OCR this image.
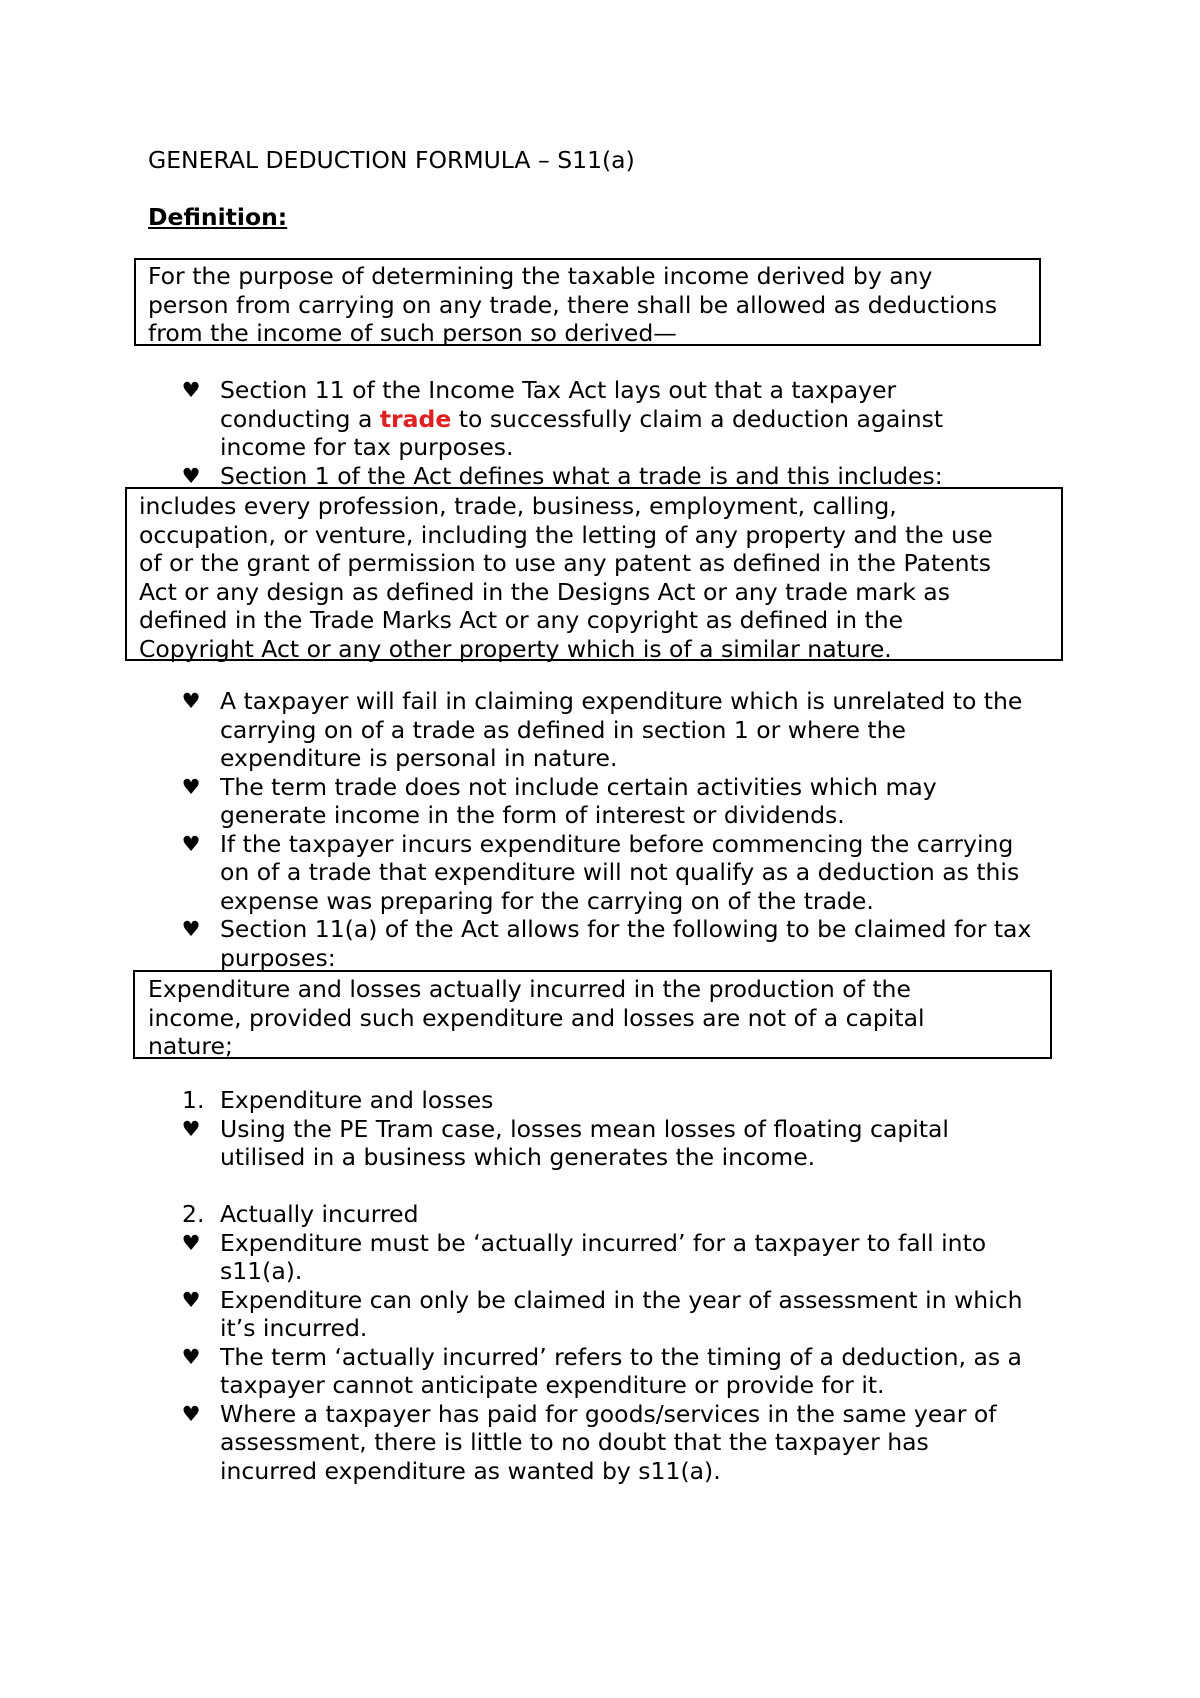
GENERAL DEDUCTION FORMULA – S11(a)
Definition:
For the purpose of determining the taxable income derived by any
person from carrying on any trade, there shall be allowed as deductions
from the income of such person so derived—
♥ Section 11 of the Income Tax Act lays out that a taxpayer
conducting a trade to successfully claim a deduction against
income for tax purposes.
♥ Section 1 of the Act defines what a trade is and this includes:
includes every profession, trade, business, employment, calling,
occupation, or venture, including the letting of any property and the use
of or the grant of permission to use any patent as defined in the Patents
Act or any design as defined in the Designs Act or any trade mark as
defined in the Trade Marks Act or any copyright as defined in the
Copyright Act or any other property which is of a similar nature.
♥ A taxpayer will fail in claiming expenditure which is unrelated to the
carrying on of a trade as defined in section 1 or where the
expenditure is personal in nature.
♥ The term trade does not include certain activities which may
generate income in the form of interest or dividends.
♥ If the taxpayer incurs expenditure before commencing the carrying
on of a trade that expenditure will not qualify as a deduction as this
expense was preparing for the carrying on of the trade.
♥ Section 11(a) of the Act allows for the following to be claimed for tax
purposes:
Expenditure and losses actually incurred in the production of the
income, provided such expenditure and losses are not of a capital
nature;
1. Expenditure and losses
♥ Using the PE Tram case, losses mean losses of floating capital
utilised in a business which generates the income.
2. Actually incurred
♥ Expenditure must be ‘actually incurred’ for a taxpayer to fall into
s11(a).
♥ Expenditure can only be claimed in the year of assessment in which
it’s incurred.
♥ The term ‘actually incurred’ refers to the timing of a deduction, as a
taxpayer cannot anticipate expenditure or provide for it.
♥ Where a taxpayer has paid for goods/services in the same year of
assessment, there is little to no doubt that the taxpayer has
incurred expenditure as wanted by s11(a).
